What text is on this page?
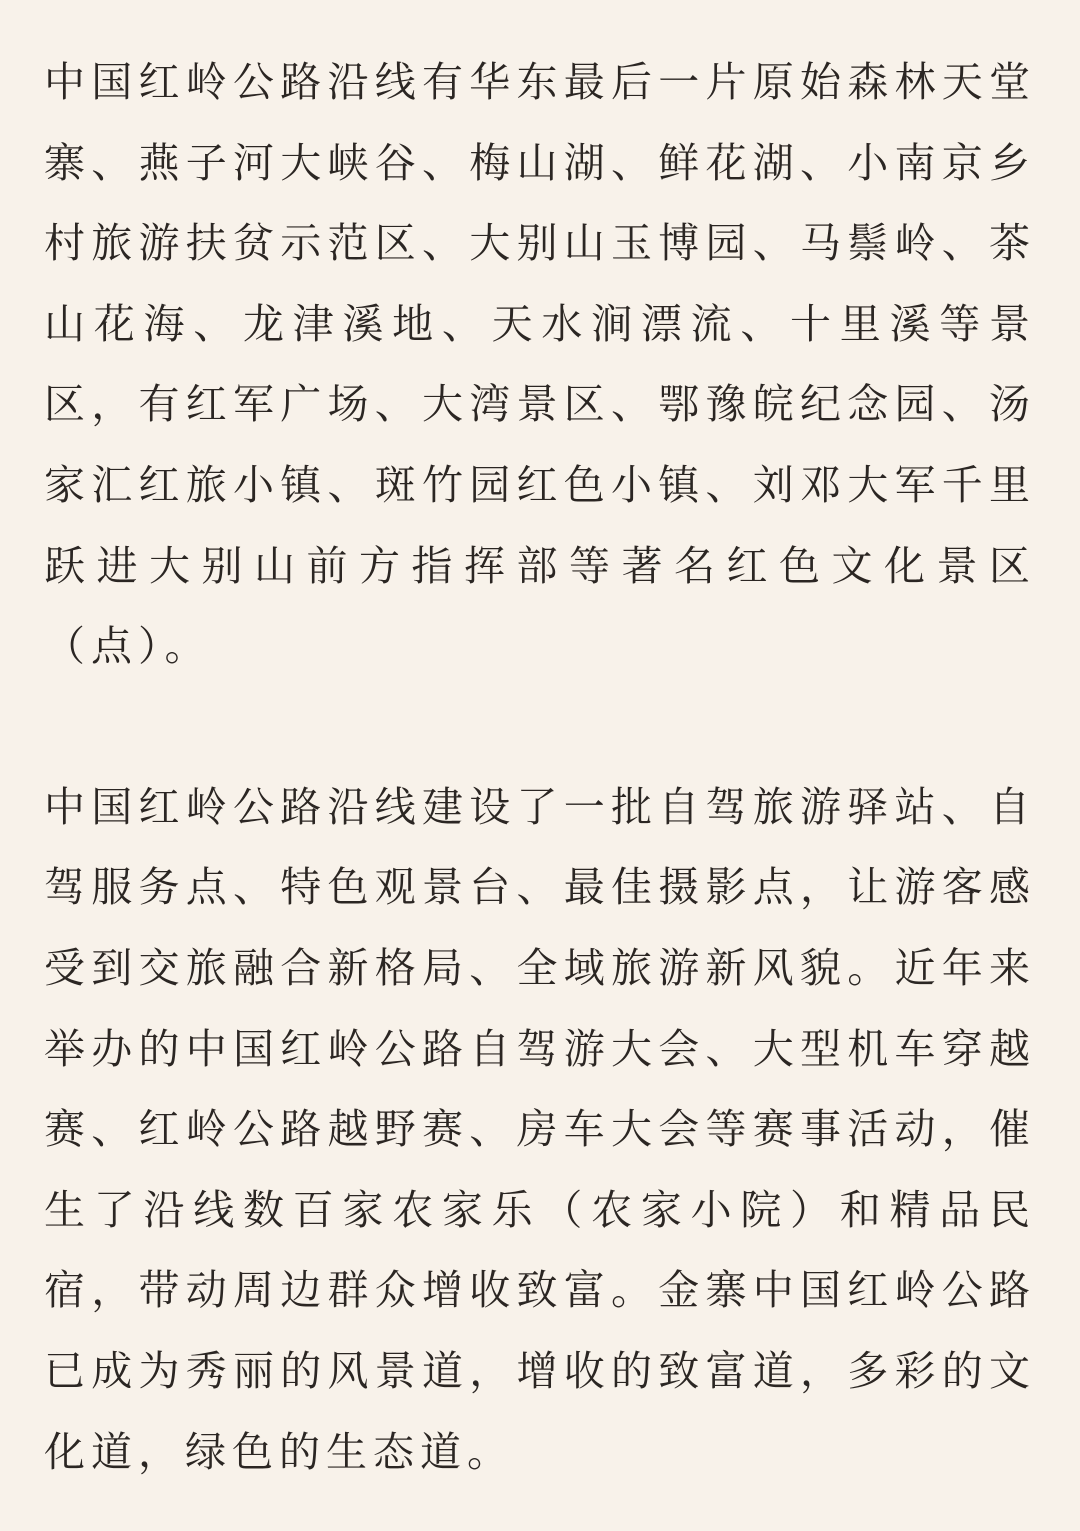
中国红岭公路沿线有华东最后一片原始森林天堂寨、燕子河大峡谷、梅山湖、鲜花湖、小南京乡村旅游扶贫示范区、大别山玉博园、马鬃岭、茶山花海、龙津溪地、天水涧漂流、十里溪等景区，有红军广场、大湾景区、鄂豫皖纪念园、汤家汇红旅小镇、斑竹园红色小镇、刘邓大军千里跃进大别山前方指挥部等著名红色文化景区（点）。

中国红岭公路沿线建设了一批自驾旅游驿站、自驾服务点、特色观景台、最佳摄影点，让游客感受到交旅融合新格局、全域旅游新风貌。近年来举办的中国红岭公路自驾游大会、大型机车穿越赛、红岭公路越野赛、房车大会等赛事活动，催生了沿线数百家农家乐（农家小院）和精品民宿，带动周边群众增收致富。金寨中国红岭公路已成为秀丽的风景道，增收的致富道，多彩的文化道，绿色的生态道。
